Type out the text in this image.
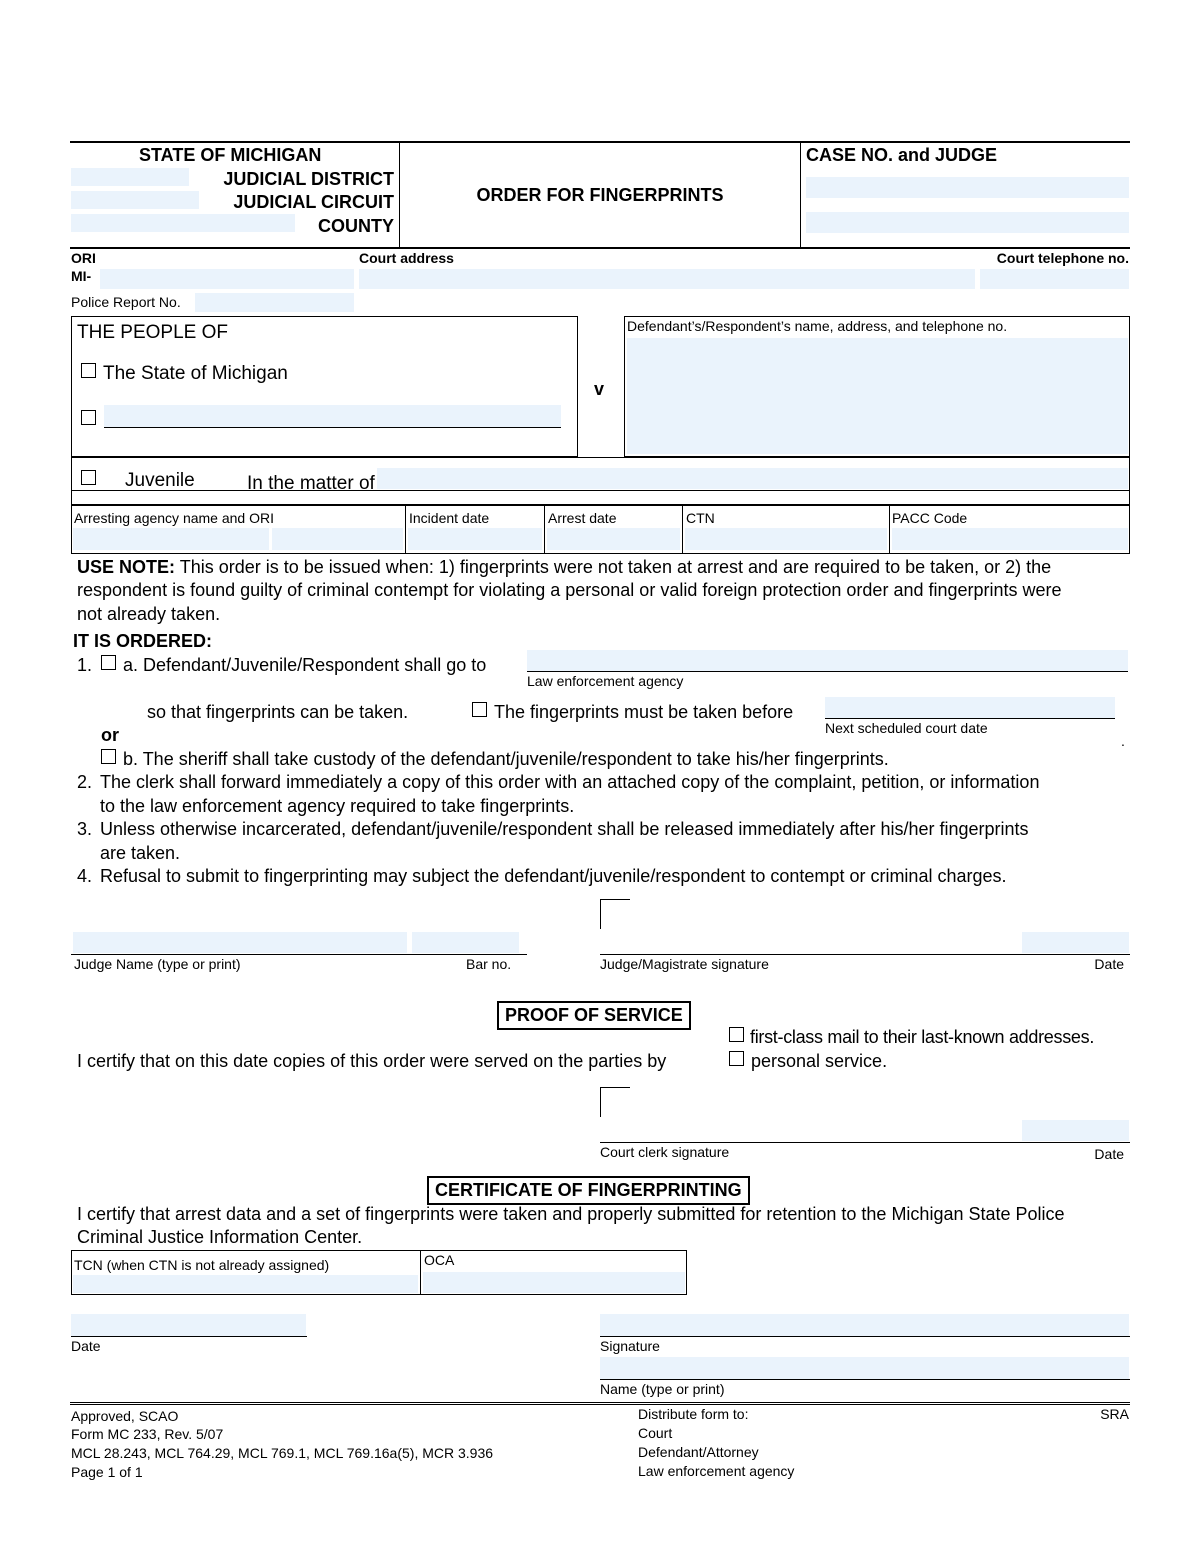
STATE OF MICHIGAN
JUDICIAL DISTRICT
JUDICIAL CIRCUIT
COUNTY
ORDER FOR FINGERPRINTS
CASE NO. and JUDGE
ORI
MI-
Court address	Court telephone no.
Police Report No.
THE PEOPLE OF
The State of Michigan
v
Defendant’s/Respondent’s name, address, and telephone no.
Juvenile	In the matter of
Arresting agency name and ORI	Incident date	Arrest date	CTN	PACC Code
USE NOTE: This order is to be issued when: 1) fingerprints were not taken at arrest and are required to be taken, or 2) the
respondent is found guilty of criminal contempt for violating a personal or valid foreign protection order and fingerprints were
not already taken.
IT IS ORDERED:
1. a. Defendant/Juvenile/Respondent shall go to
Law enforcement agency
so that fingerprints can be taken.	The fingerprints must be taken before
Next scheduled court date
.
or
b. The sheriff shall take custody of the defendant/juvenile/respondent to take his/her fingerprints.
2. The clerk shall forward immediately a copy of this order with an attached copy of the complaint, petition, or information
to the law enforcement agency required to take fingerprints.
3. Unless otherwise incarcerated, defendant/juvenile/respondent shall be released immediately after his/her fingerprints
are taken.
4. Refusal to submit to fingerprinting may subject the defendant/juvenile/respondent to contempt or criminal charges.
Judge Name (type or print)	Bar no.	Judge/Magistrate signature	Date
PROOF OF SERVICE
I certify that on this date copies of this order were served on the parties by
first-class mail to their last-known addresses.
personal service.
Court clerk signature	Date
CERTIFICATE OF FINGERPRINTING
I certify that arrest data and a set of fingerprints were taken and properly submitted for retention to the Michigan State Police
Criminal Justice Information Center.
TCN (when CTN is not already assigned)	OCA
Date	Signature
Name (type or print)
Approved, SCAO
Form MC 233, Rev. 5/07
MCL 28.243, MCL 764.29, MCL 769.1, MCL 769.16a(5), MCR 3.936
Page 1 of 1
Distribute form to:
Court
Defendant/Attorney
Law enforcement agency
SRA
